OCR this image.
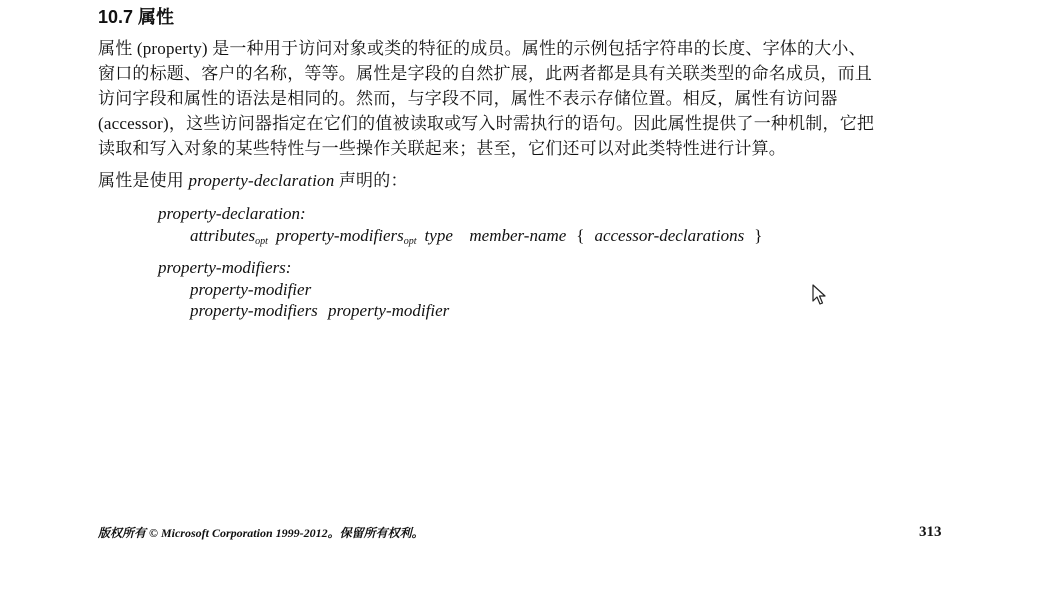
10.7 属性

属性 (property) 是一种用于访问对象或类的特征的成员。属性的示例包括字符串的长度、字体的大小、
窗口的标题、客户的名称，等等。属性是字段的自然扩展，此两者都是具有关联类型的命名成员，而且
访问字段和属性的语法是相同的。然而，与字段不同，属性不表示存储位置。相反，属性有访问器
(accessor)，这些访问器指定在它们的值被读取或写入时需执行的语句。因此属性提供了一种机制，它把
读取和写入对象的某些特性与一些操作关联起来；甚至，它们还可以对此类特性进行计算。

属性是使用 property-declaration 声明的：

property-declaration:
attributes$_{opt}$ property-modifiers$_{opt}$ type member-name { accessor-declarations }
property-modifiers:
property-modifier
property-modifiers property-modifier
版权所有 © Microsoft Corporation 1999-2012。保留所有权利。	313
